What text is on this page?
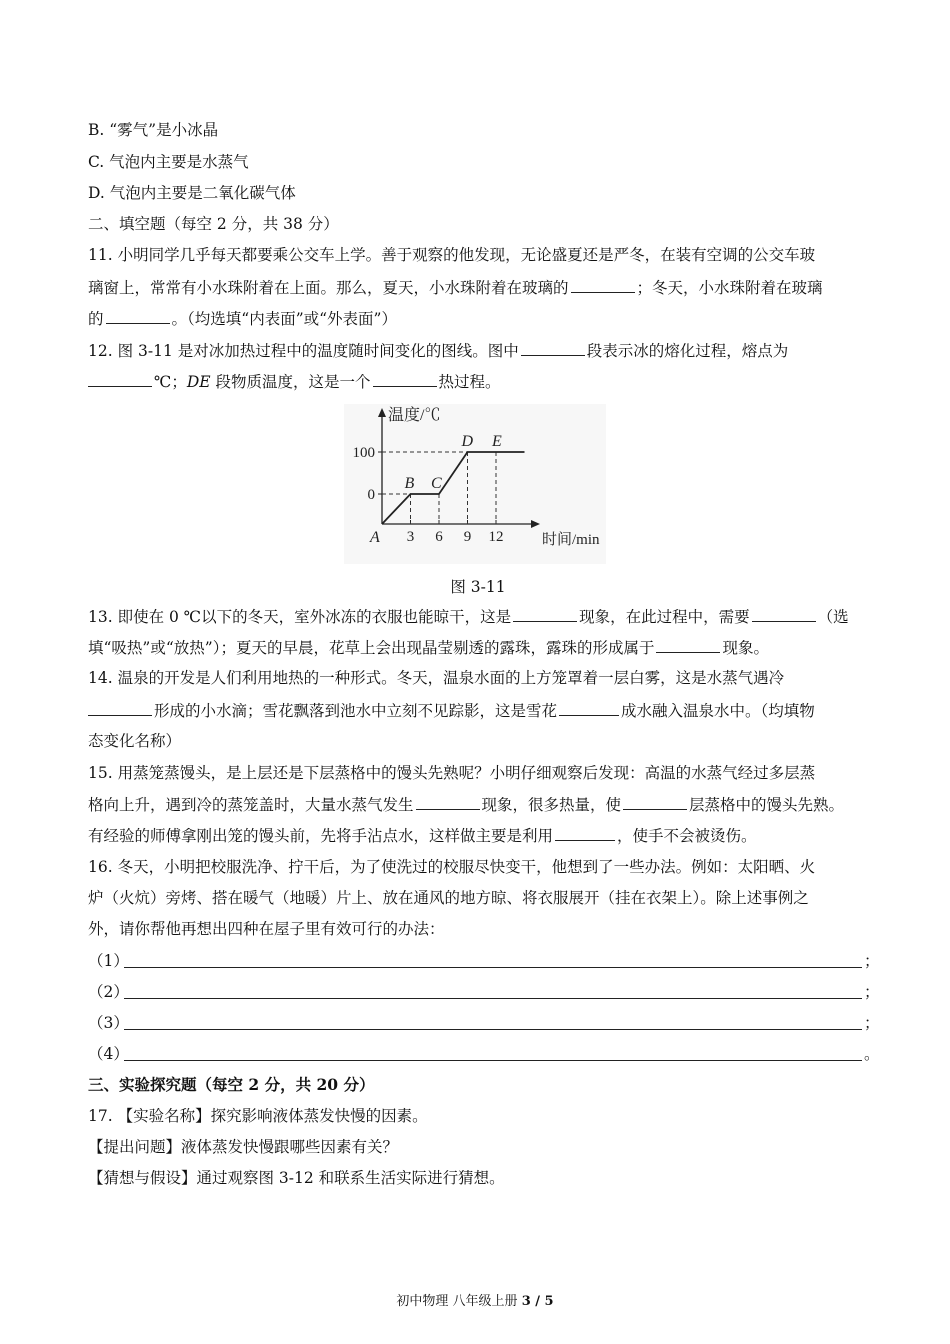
B. “雾气”是小冰晶
C. 气泡内主要是水蒸气
D. 气泡内主要是二氧化碳气体
二、填空题（每空 2 分，共 38 分）
11. 小明同学几乎每天都要乘公交车上学。善于观察的他发现，无论盛夏还是严冬，在装有空调的公交车玻
璃窗上，常常有小水珠附着在上面。那么，夏天，小水珠附着在玻璃的	；冬天，小水珠附着在玻璃
的	。（均选填“内表面”或“外表面”）
12. 图 3-11 是对冰加热过程中的温度随时间变化的图线。图中	段表示冰的熔化过程，熔点为
℃；DE 段物质温度，这是一个	热过程。
温度/℃
时间/min
0
100
3 6 9 12
A
B C
D E
图 3-11
13. 即使在 0 ℃以下的冬天，室外冰冻的衣服也能晾干，这是	现象，在此过程中，需要	（选
填“吸热”或“放热”）；夏天的早晨，花草上会出现晶莹剔透的露珠，露珠的形成属于	现象。
14. 温泉的开发是人们利用地热的一种形式。冬天，温泉水面的上方笼罩着一层白雾，这是水蒸气遇冷
形成的小水滴；雪花飘落到池水中立刻不见踪影，这是雪花	成水融入温泉水中。（均填物
态变化名称）
15. 用蒸笼蒸馒头，是上层还是下层蒸格中的馒头先熟呢？小明仔细观察后发现：高温的水蒸气经过多层蒸
格向上升，遇到冷的蒸笼盖时，大量水蒸气发生	现象，很多热量，使	层蒸格中的馒头先熟。
有经验的师傅拿刚出笼的馒头前，先将手沾点水，这样做主要是利用	，使手不会被烫伤。
16. 冬天，小明把校服洗净、拧干后，为了使洗过的校服尽快变干，他想到了一些办法。例如：太阳晒、火
炉（火炕）旁烤、搭在暖气（地暖）片上、放在通风的地方晾、将衣服展开（挂在衣架上）。除上述事例之
外，请你帮他再想出四种在屋子里有效可行的办法：
（1）	；
（2）	；
（3）	；
（4）	。
三、实验探究题（每空 2 分，共 20 分）
17. 【实验名称】探究影响液体蒸发快慢的因素。
【提出问题】液体蒸发快慢跟哪些因素有关？
【猜想与假设】通过观察图 3-12 和联系生活实际进行猜想。
初中物理 八年级上册 3 / 5
